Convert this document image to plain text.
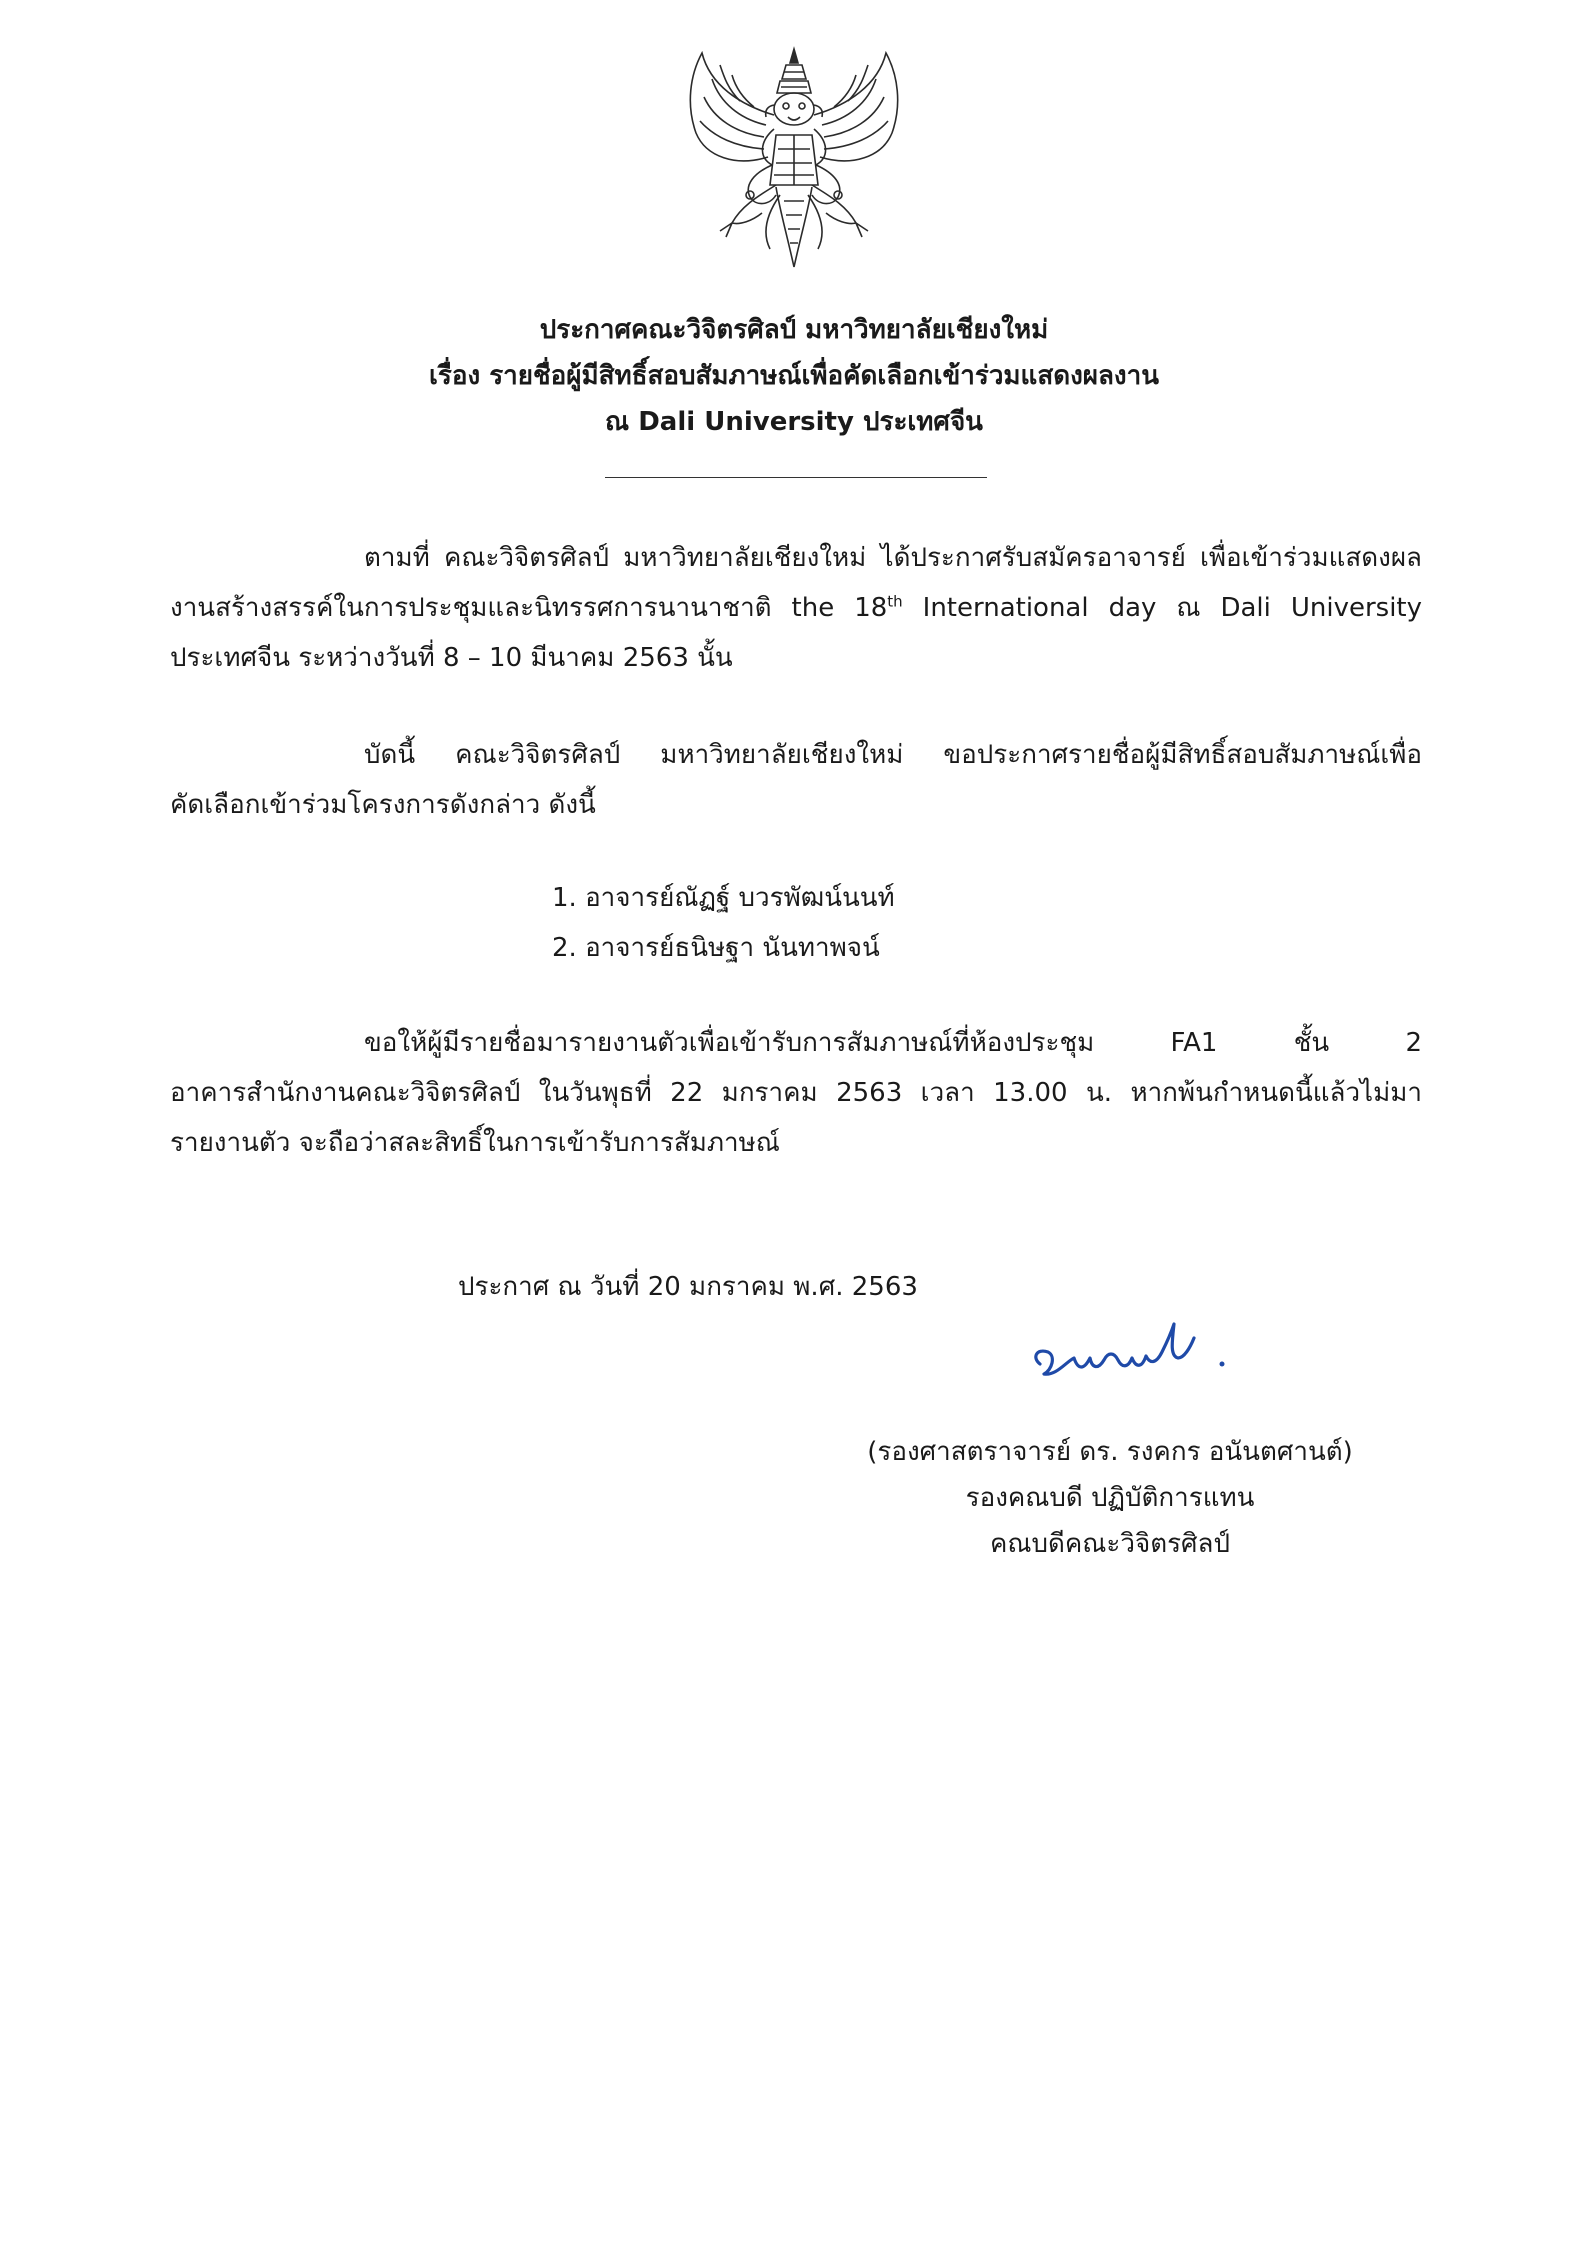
ประกาศคณะวิจิตรศิลป์ มหาวิทยาลัยเชียงใหม่

เรื่อง รายชื่อผู้มีสิทธิ์สอบสัมภาษณ์เพื่อคัดเลือกเข้าร่วมแสดงผลงาน

ณ Dali University ประเทศจีน

ตามที่ คณะวิจิตรศิลป์ มหาวิทยาลัยเชียงใหม่ ได้ประกาศรับสมัครอาจารย์ เพื่อเข้าร่วมแสดงผล
งานสร้างสรรค์ในการประชุมและนิทรรศการนานาชาติ the 18th International day ณ Dali University
ประเทศจีน ระหว่างวันที่ 8 – 10 มีนาคม 2563 นั้น
บัดนี้ คณะวิจิตรศิลป์ มหาวิทยาลัยเชียงใหม่ ขอประกาศรายชื่อผู้มีสิทธิ์สอบสัมภาษณ์เพื่อ
คัดเลือกเข้าร่วมโครงการดังกล่าว ดังนี้
1. อาจารย์ณัฏฐ์ บวรพัฒน์นนท์
2. อาจารย์ธนิษฐา นันทาพจน์
ขอให้ผู้มีรายชื่อมารายงานตัวเพื่อเข้ารับการสัมภาษณ์ที่ห้องประชุม FA1 ชั้น 2
อาคารสำนักงานคณะวิจิตรศิลป์ ในวันพุธที่ 22 มกราคม 2563 เวลา 13.00 น. หากพ้นกำหนดนี้แล้วไม่มา
รายงานตัว จะถือว่าสละสิทธิ์ในการเข้ารับการสัมภาษณ์

ประกาศ ณ วันที่ 20 มกราคม พ.ศ. 2563

(รองศาสตราจารย์ ดร. รงคกร อนันตศานต์)

รองคณบดี ปฏิบัติการแทน

คณบดีคณะวิจิตรศิลป์
